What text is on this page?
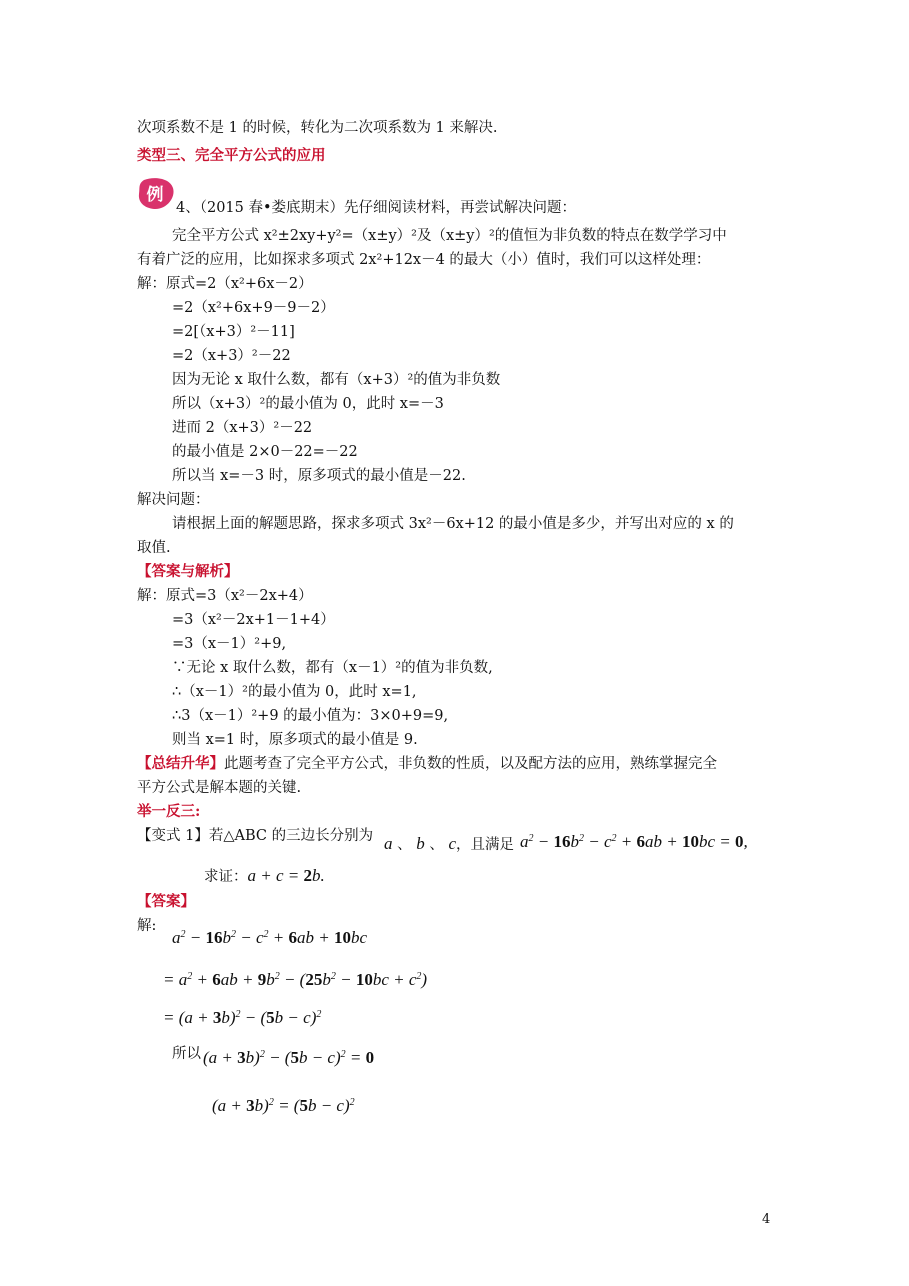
次项系数不是 1 的时候，转化为二次项系数为 1 来解决.
类型三、完全平方公式的应用
例
4、（2015 春•娄底期末）先仔细阅读材料，再尝试解决问题：
完全平方公式 x²±2xy+y²=（x±y）²及（x±y）²的值恒为非负数的特点在数学学习中
有着广泛的应用，比如探求多项式 2x²+12x－4 的最大（小）值时，我们可以这样处理：
解：原式=2（x²+6x－2）
=2（x²+6x+9－9－2）
=2[（x+3）²－11]
=2（x+3）²－22
因为无论 x 取什么数，都有（x+3）²的值为非负数
所以（x+3）²的最小值为 0，此时 x=－3
进而 2（x+3）²－22
的最小值是 2×0－22=－22
所以当 x=－3 时，原多项式的最小值是－22.
解决问题：
请根据上面的解题思路，探求多项式 3x²－6x+12 的最小值是多少，并写出对应的 x 的
取值.
【答案与解析】
解：原式=3（x²－2x+4）
=3（x²－2x+1－1+4）
=3（x－1）²+9,
∵无论 x 取什么数，都有（x－1）²的值为非负数,
∴（x－1）²的最小值为 0，此时 x=1,
∴3（x－1）²+9 的最小值为：3×0+9=9,
则当 x=1 时，原多项式的最小值是 9.
【总结升华】此题考查了完全平方公式，非负数的性质，以及配方法的应用，熟练掌握完全
平方公式是解本题的关键.
举一反三:
【变式 1】若△ABC 的三边长分别为 a 、 b 、 c，且满足 $a^2 - 16b^2 - c^2 + 6ab + 10bc = 0$,
求证：a + c = 2b.
【答案】
解:
$a^2 - 16b^2 - c^2 + 6ab + 10bc$
= $a^2 + 6ab + 9b^2 - (25b^2 - 10bc + c^2)$
= $(a + 3b)^2 - (5b - c)^2$
所以 $(a + 3b)^2 - (5b - c)^2 = 0$
$(a + 3b)^2 = (5b - c)^2$
4
